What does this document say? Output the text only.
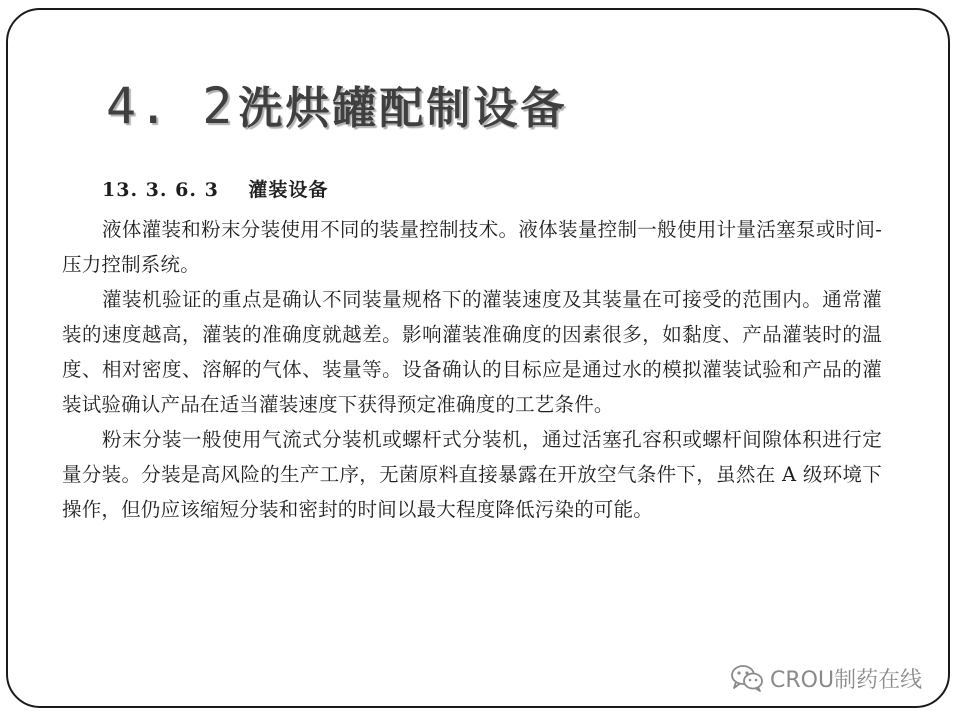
4. 2 洗烘罐配制设备
13. 3. 6. 3 灌装设备

液体灌装和粉末分装使用不同的装量控制技术。液体装量控制一般使用计量活塞泵或时间-压力控制系统。

灌装机验证的重点是确认不同装量规格下的灌装速度及其装量在可接受的范围内。通常灌装的速度越高，灌装的准确度就越差。影响灌装准确度的因素很多，如黏度、产品灌装时的温度、相对密度、溶解的气体、装量等。设备确认的目标应是通过水的模拟灌装试验和产品的灌装试验确认产品在适当灌装速度下获得预定准确度的工艺条件。

粉末分装一般使用气流式分装机或螺杆式分装机，通过活塞孔容积或螺杆间隙体积进行定量分装。分装是高风险的生产工序，无菌原料直接暴露在开放空气条件下，虽然在 A 级环境下操作，但仍应该缩短分装和密封的时间以最大程度降低污染的可能。

CROU制药在线
